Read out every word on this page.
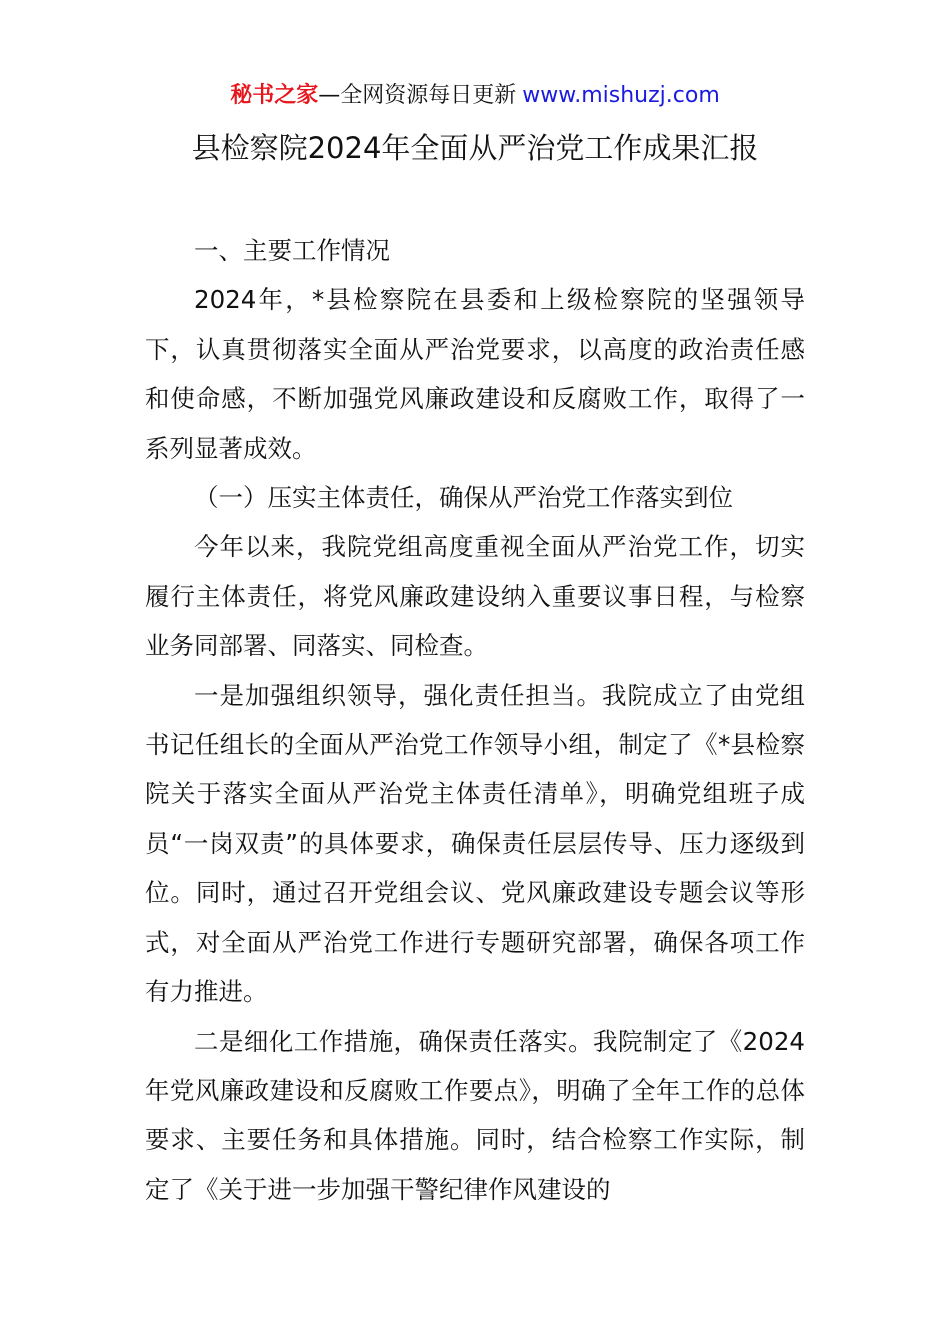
秘书之家—全网资源每日更新 www.mishuzj.com
县检察院2024年全面从严治党工作成果汇报

一、主要工作情况

2024年，*县检察院在县委和上级检察院的坚强领导下，认真贯彻落实全面从严治党要求，以高度的政治责任感和使命感，不断加强党风廉政建设和反腐败工作，取得了一系列显著成效。

（一）压实主体责任，确保从严治党工作落实到位

今年以来，我院党组高度重视全面从严治党工作，切实履行主体责任，将党风廉政建设纳入重要议事日程，与检察业务同部署、同落实、同检查。

一是加强组织领导，强化责任担当。我院成立了由党组书记任组长的全面从严治党工作领导小组，制定了《*县检察院关于落实全面从严治党主体责任清单》，明确党组班子成员“一岗双责”的具体要求，确保责任层层传导、压力逐级到位。同时，通过召开党组会议、党风廉政建设专题会议等形式，对全面从严治党工作进行专题研究部署，确保各项工作有力推进。

二是细化工作措施，确保责任落实。我院制定了《2024年党风廉政建设和反腐败工作要点》，明确了全年工作的总体要求、主要任务和具体措施。同时，结合检察工作实际，制定了《关于进一步加强干警纪律作风建设的
